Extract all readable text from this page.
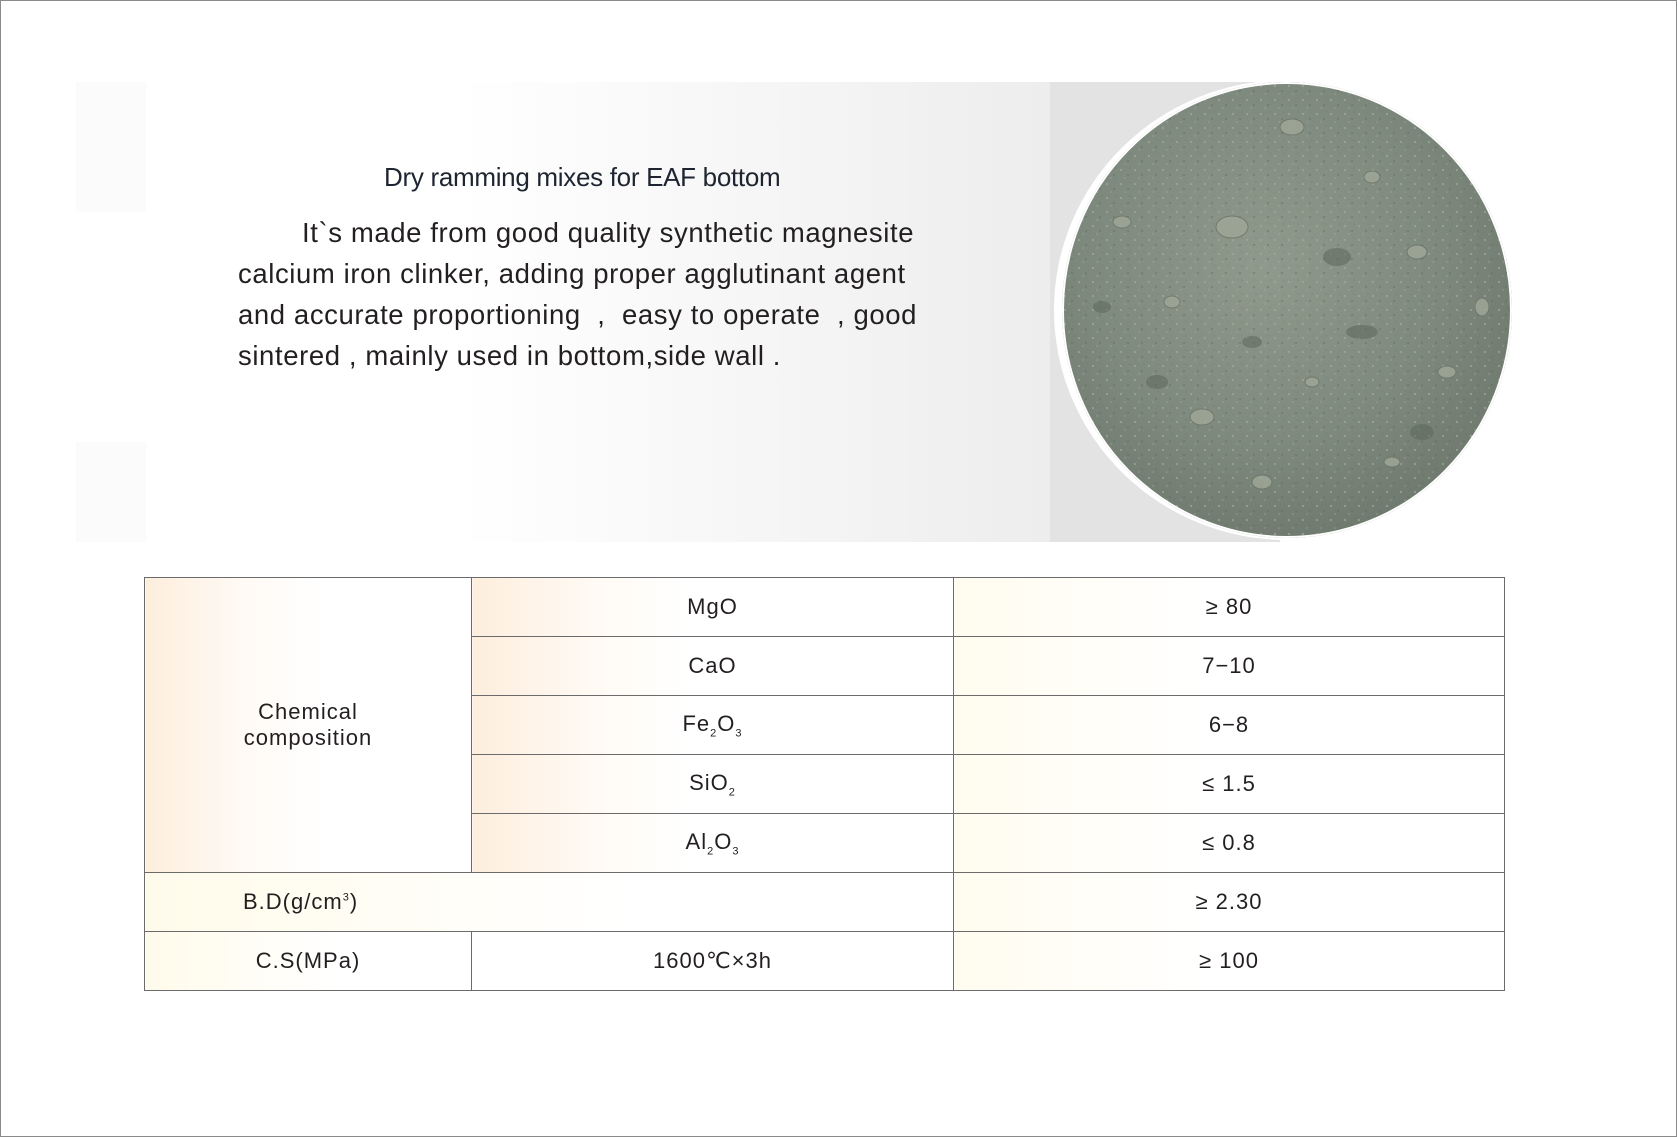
Dry ramming mixes for EAF bottom

It`s made from good quality synthetic magnesite
calcium iron clinker, adding proper agglutinant agent
and accurate proportioning  ,  easy to operate  , good
sintered , mainly used in bottom,side wall .

Chemical
composition	MgO	≥ 80
	CaO	7−10
	$Fe_2O_3$	6−8
	SiO$_2$	≤ 1.5
	$Al_2O_3$	≤ 0.8
$B.D(g/cm^3)$		≥ 2.30
C.S(MPa)	1600℃×3h	≥ 100
